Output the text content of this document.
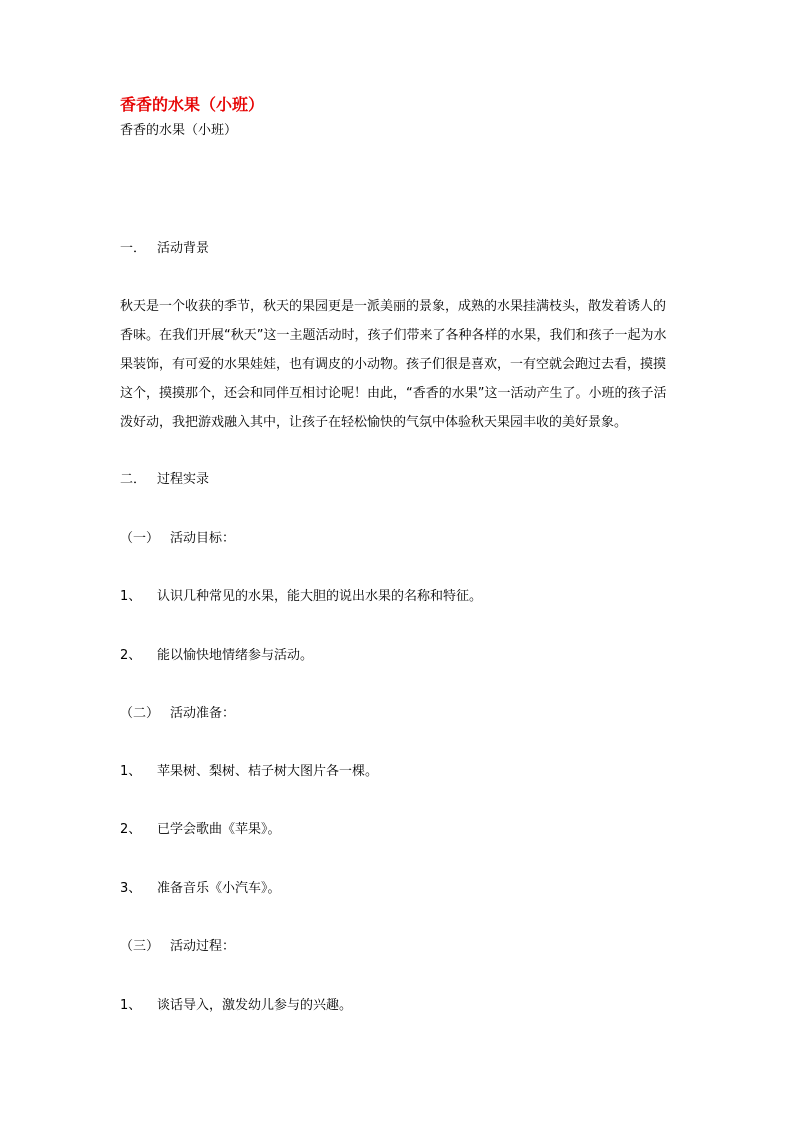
香香的水果（小班）
香香的水果（小班）
一． 活动背景
秋天是一个收获的季节，秋天的果园更是一派美丽的景象，成熟的水果挂满枝头，散发着诱人的
香味。在我们开展“秋天”这一主题活动时，孩子们带来了各种各样的水果，我们和孩子一起为水
果装饰，有可爱的水果娃娃，也有调皮的小动物。孩子们很是喜欢，一有空就会跑过去看，摸摸
这个，摸摸那个，还会和同伴互相讨论呢！由此，“香香的水果”这一活动产生了。小班的孩子活
泼好动，我把游戏融入其中，让孩子在轻松愉快的气氛中体验秋天果园丰收的美好景象。
二． 过程实录
（一） 活动目标：
1、 认识几种常见的水果，能大胆的说出水果的名称和特征。
2、 能以愉快地情绪参与活动。
（二） 活动准备：
1、 苹果树、梨树、桔子树大图片各一棵。
2、 已学会歌曲《苹果》。
3、 准备音乐《小汽车》。
（三） 活动过程：
1、 谈话导入，激发幼儿参与的兴趣。
